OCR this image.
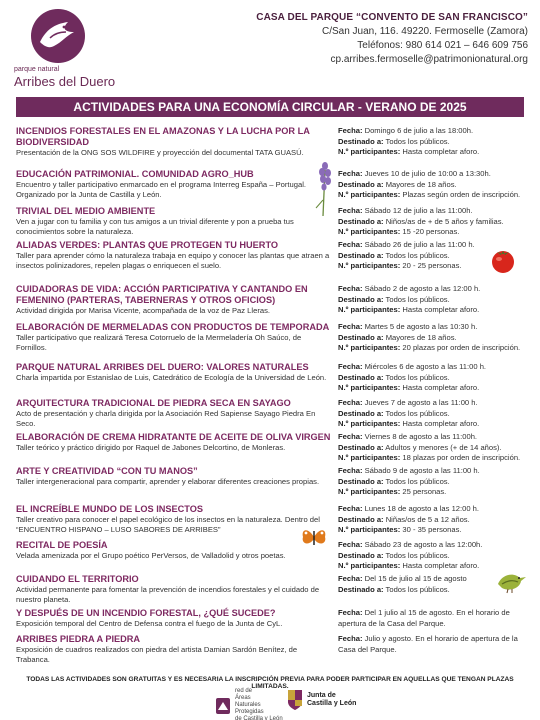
parque natural
Arribes del Duero
CASA DEL PARQUE “CONVENTO DE SAN FRANCISCO”
C/San Juan, 116. 49220. Fermoselle (Zamora)
Teléfonos: 980 614 021 – 646 609 756
cp.arribes.fermoselle@patrimonionatural.org
ACTIVIDADES PARA UNA ECONOMÍA CIRCULAR - VERANO DE 2025
INCENDIOS FORESTALES EN EL AMAZONAS Y LA LUCHA POR LA BIODIVERSIDAD
Presentación de la ONG SOS WILDFIRE y proyección del documental TATA GUASÚ.
Fecha: Domingo 6 de julio a las 18:00h.
Destinado a: Todos los públicos.
N.º participantes: Hasta completar aforo.
EDUCACIÓN PATRIMONIAL. COMUNIDAD AGRO_HUB
Encuentro y taller participativo enmarcado en el programa Interreg España – Portugal. Organizado por la Junta de Castilla y León.
Fecha: Jueves 10 de julio de 10:00 a 13:30h.
Destinado a: Mayores de 18 años.
N.º participantes: Plazas según orden de inscripción.
TRIVIAL DEL MEDIO AMBIENTE
Ven a jugar con tu familia y con tus amigos a un trivial diferente y pon a prueba tus conocimientos sobre la naturaleza.
Fecha: Sábado 12 de julio a las 11:00h.
Destinado a: Niños/as de + de 5 años y familias.
N.º participantes: 15 -20 personas.
ALIADAS VERDES: PLANTAS QUE PROTEGEN TU HUERTO
Taller para aprender cómo la naturaleza trabaja en equipo y conocer las plantas que atraen a insectos polinizadores, repelen plagas o enriquecen el suelo.
Fecha: Sábado 26 de julio a las 11:00 h.
Destinado a: Todos los públicos.
N.º participantes: 20 - 25 personas.
CUIDADORAS DE VIDA: ACCIÓN PARTICIPATIVA Y CANTANDO EN FEMENINO (PARTERAS, TABERNERAS Y OTROS OFICIOS)
Actividad dirigida por Marisa Vicente, acompañada de la voz de Paz Lleras.
Fecha: Sábado 2 de agosto a las 12:00 h.
Destinado a: Todos los públicos.
N.º participantes: Hasta completar aforo.
ELABORACIÓN DE MERMELADAS CON PRODUCTOS DE TEMPORADA
Taller participativo que realizará Teresa Cotorruelo de la Mermeladería Oh Saúco, de Fornillos.
Fecha: Martes 5 de agosto a las 10:30 h.
Destinado a: Mayores de 18 años.
N.º participantes: 20 plazas por orden de inscripción.
PARQUE NATURAL ARRIBES DEL DUERO: VALORES NATURALES
Charla impartida por Estanislao de Luis, Catedrático de Ecología de la Universidad de León.
Fecha: Miércoles 6 de agosto a las 11:00 h.
Destinado a: Todos los públicos.
N.º participantes: Hasta completar aforo.
ARQUITECTURA TRADICIONAL DE PIEDRA SECA EN SAYAGO
Acto de presentación y charla dirigida por la Asociación Red Sapiense Sayago Piedra En Seco.
Fecha: Jueves 7 de agosto a las 11:00 h.
Destinado a: Todos los públicos.
N.º participantes: Hasta completar aforo.
ELABORACIÓN DE CREMA HIDRATANTE DE ACEITE DE OLIVA VIRGEN
Taller teórico y práctico dirigido por Raquel de Jabones Delcortino, de Monleras.
Fecha: Viernes 8 de agosto a las 11:00h.
Destinado a: Adultos y menores (+ de 14 años).
N.º participantes: 18 plazas por orden de inscripción.
ARTE Y CREATIVIDAD “CON TU MANOS”
Taller intergeneracional para compartir, aprender y elaborar diferentes creaciones propias.
Fecha: Sábado 9 de agosto a las 11:00 h.
Destinado a: Todos los públicos.
N.º participantes: 25 personas.
EL INCREÍBLE MUNDO DE LOS INSECTOS
Taller creativo para conocer el papel ecológico de los insectos en la naturaleza. Dentro del “ENCUENTRO HISPANO – LUSO SABORES DE ARRIBES”
Fecha: Lunes 18 de agosto a las 12:00 h.
Destinado a: Niñas/os de 5 a 12 años.
N.º participantes: 30 - 35 personas.
RECITAL DE POESÍA
Velada amenizada por el Grupo poético PerVersos, de Valladolid y otros poetas.
Fecha: Sábado 23 de agosto a las 12:00h.
Destinado a: Todos los públicos.
N.º participantes: Hasta completar aforo.
CUIDANDO EL TERRITORIO
Actividad permanente para fomentar la prevención de incendios forestales y el cuidado de nuestro planeta.
Fecha: Del 15 de julio al 15 de agosto
Destinado a: Todos los públicos.
Y DESPUÉS DE UN INCENDIO FORESTAL, ¿QUÉ SUCEDE?
Exposición temporal del Centro de Defensa contra el fuego de la Junta de CyL.
Fecha: Del 1 julio al 15 de agosto. En el horario de apertura de la Casa del Parque.
ARRIBES PIEDRA A PIEDRA
Exposición de cuadros realizados con piedra del artista Damian Sardón Benítez, de Trabanca.
Fecha: Julio y agosto. En el horario de apertura de la Casa del Parque.
TODAS LAS ACTIVIDADES SON GRATUITAS Y ES NECESARIA LA INSCRIPCIÓN PREVIA PARA PODER PARTICIPAR EN AQUELLAS QUE TENGAN PLAZAS LIMITADAS.
red de
Áreas
Naturales
Protegidas
de Castilla y León
Junta de
Castilla y León
